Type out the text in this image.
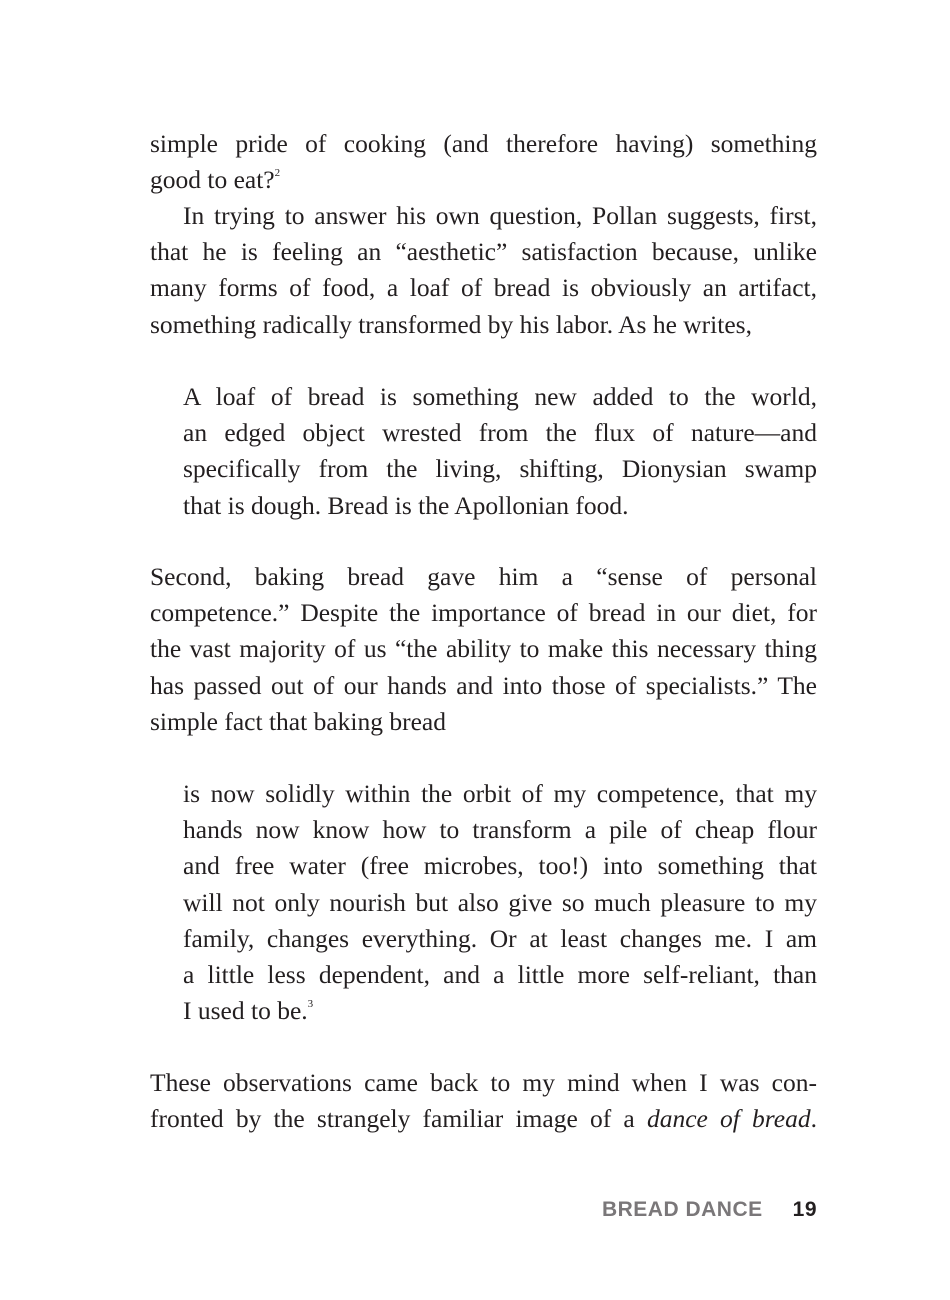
simple pride of cooking (and therefore having) something
good to eat?$^2$
In trying to answer his own question, Pollan suggests, first,
that he is feeling an “aesthetic” satisfaction because, unlike
many forms of food, a loaf of bread is obviously an artifact,
something radically transformed by his labor. As he writes,
A loaf of bread is something new added to the world,
an edged object wrested from the flux of nature—and
specifically from the living, shifting, Dionysian swamp
that is dough. Bread is the Apollonian food.
Second, baking bread gave him a “sense of personal
competence.” Despite the importance of bread in our diet, for
the vast majority of us “the ability to make this necessary thing
has passed out of our hands and into those of specialists.” The
simple fact that baking bread
is now solidly within the orbit of my competence, that my
hands now know how to transform a pile of cheap flour
and free water (free microbes, too!) into something that
will not only nourish but also give so much pleasure to my
family, changes everything. Or at least changes me. I am
a little less dependent, and a little more self-reliant, than
I used to be.$^3$
These observations came back to my mind when I was con-
fronted by the strangely familiar image of a dance of bread.
BREAD DANCE 19
